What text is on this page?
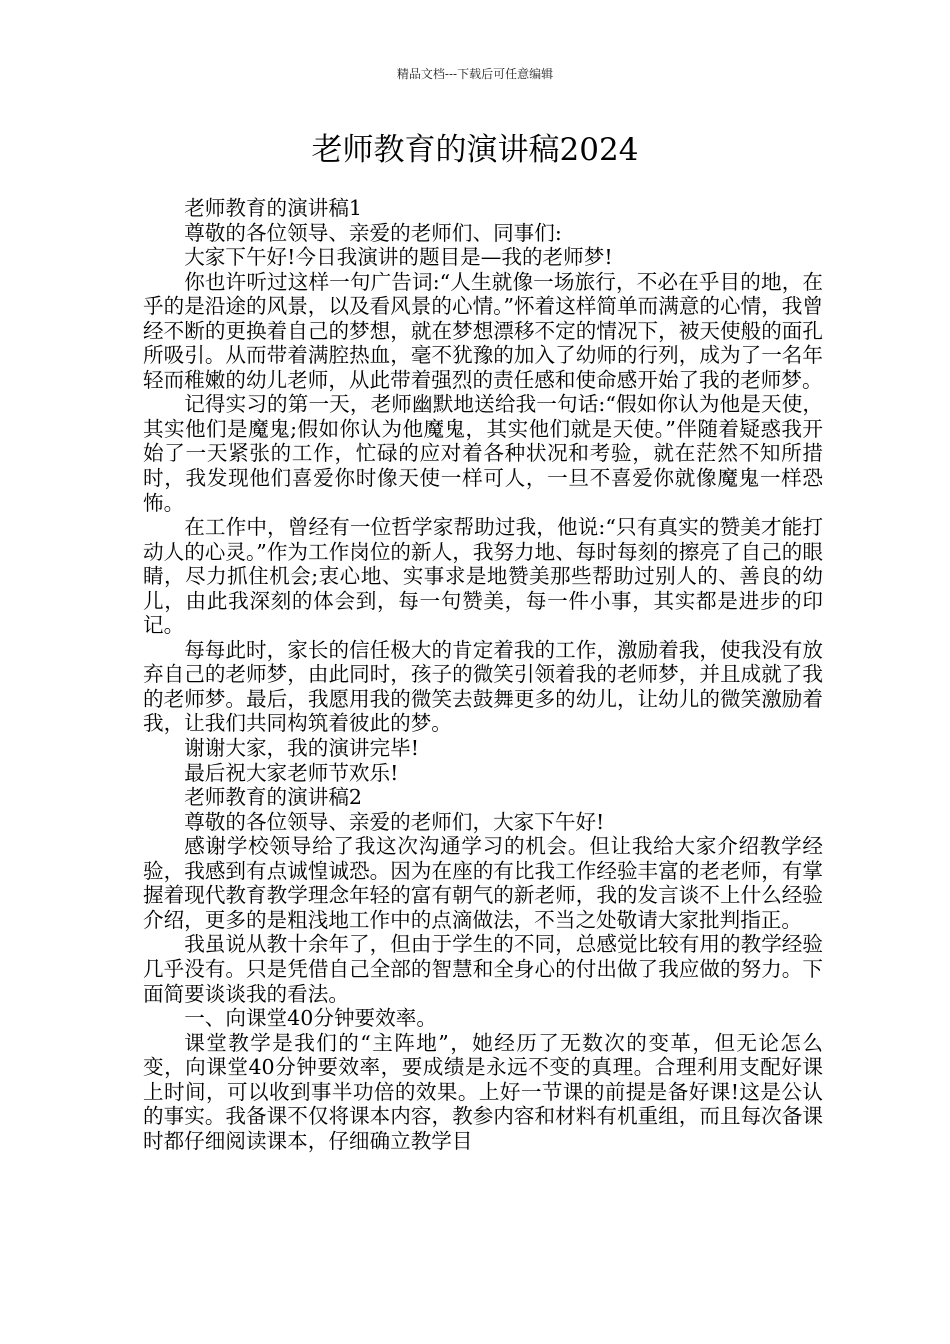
精品文档---下载后可任意编辑
老师教育的演讲稿2024

老师教育的演讲稿1

尊敬的各位领导、亲爱的老师们、同事们:

大家下午好!今日我演讲的题目是—我的老师梦!

你也许听过这样一句广告词:“人生就像一场旅行，不必在乎目的地，在乎的是沿途的风景，以及看风景的心情。”怀着这样简单而满意的心情，我曾经不断的更换着自己的梦想，就在梦想漂移不定的情况下，被天使般的面孔所吸引。从而带着满腔热血，毫不犹豫的加入了幼师的行列，成为了一名年轻而稚嫩的幼儿老师，从此带着强烈的责任感和使命感开始了我的老师梦。

记得实习的第一天，老师幽默地送给我一句话:“假如你认为他是天使，其实他们是魔鬼;假如你认为他魔鬼，其实他们就是天使。”伴随着疑惑我开始了一天紧张的工作，忙碌的应对着各种状况和考验，就在茫然不知所措时，我发现他们喜爱你时像天使一样可人，一旦不喜爱你就像魔鬼一样恐怖。

在工作中，曾经有一位哲学家帮助过我，他说:“只有真实的赞美才能打动人的心灵。”作为工作岗位的新人，我努力地、每时每刻的擦亮了自己的眼睛，尽力抓住机会;衷心地、实事求是地赞美那些帮助过别人的、善良的幼儿，由此我深刻的体会到，每一句赞美，每一件小事，其实都是进步的印记。

每每此时，家长的信任极大的肯定着我的工作，激励着我，使我没有放弃自己的老师梦，由此同时，孩子的微笑引领着我的老师梦，并且成就了我的老师梦。最后，我愿用我的微笑去鼓舞更多的幼儿，让幼儿的微笑激励着我，让我们共同构筑着彼此的梦。

谢谢大家，我的演讲完毕!

最后祝大家老师节欢乐!

老师教育的演讲稿2

尊敬的各位领导、亲爱的老师们，大家下午好!

感谢学校领导给了我这次沟通学习的机会。但让我给大家介绍教学经验，我感到有点诚惶诚恐。因为在座的有比我工作经验丰富的老老师，有掌握着现代教育教学理念年轻的富有朝气的新老师，我的发言谈不上什么经验介绍，更多的是粗浅地工作中的点滴做法，不当之处敬请大家批判指正。

我虽说从教十余年了，但由于学生的不同，总感觉比较有用的教学经验几乎没有。只是凭借自己全部的智慧和全身心的付出做了我应做的努力。下面简要谈谈我的看法。

一、向课堂40分钟要效率。

课堂教学是我们的“主阵地”，她经历了无数次的变革，但无论怎么变，向课堂40分钟要效率，要成绩是永远不变的真理。合理利用支配好课上时间，可以收到事半功倍的效果。上好一节课的前提是备好课!这是公认的事实。我备课不仅将课本内容，教参内容和材料有机重组，而且每次备课时都仔细阅读课本，仔细确立教学目
